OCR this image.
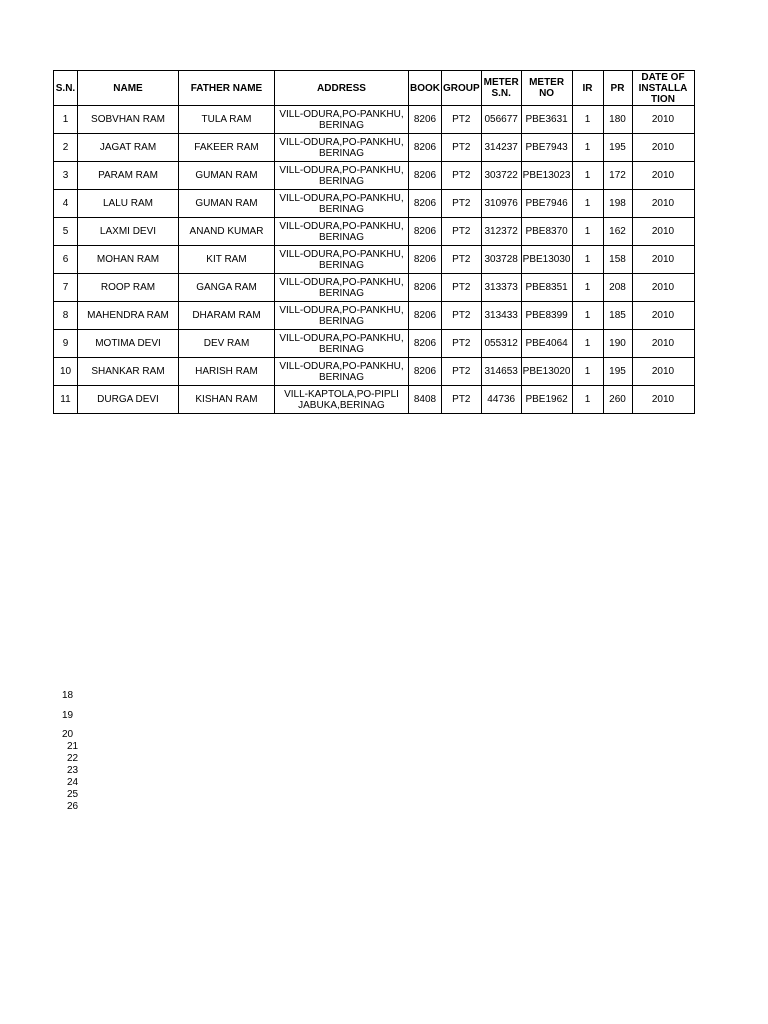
S.N.	NAME	FATHER NAME	ADDRESS	BOOK	GROUP	METER S.N.	METER NO	IR	PR	DATE OF INSTALLA TION
1	SOBVHAN RAM	TULA RAM	VILL-ODURA,PO-PANKHU, BERINAG	8206	PT2	056677	PBE3631	1	180	2010
2	JAGAT RAM	FAKEER RAM	VILL-ODURA,PO-PANKHU, BERINAG	8206	PT2	314237	PBE7943	1	195	2010
3	PARAM RAM	GUMAN RAM	VILL-ODURA,PO-PANKHU, BERINAG	8206	PT2	303722	PBE13023	1	172	2010
4	LALU RAM	GUMAN RAM	VILL-ODURA,PO-PANKHU, BERINAG	8206	PT2	310976	PBE7946	1	198	2010
5	LAXMI DEVI	ANAND KUMAR	VILL-ODURA,PO-PANKHU, BERINAG	8206	PT2	312372	PBE8370	1	162	2010
6	MOHAN RAM	KIT RAM	VILL-ODURA,PO-PANKHU, BERINAG	8206	PT2	303728	PBE13030	1	158	2010
7	ROOP RAM	GANGA RAM	VILL-ODURA,PO-PANKHU, BERINAG	8206	PT2	313373	PBE8351	1	208	2010
8	MAHENDRA RAM	DHARAM RAM	VILL-ODURA,PO-PANKHU, BERINAG	8206	PT2	313433	PBE8399	1	185	2010
9	MOTIMA DEVI	DEV RAM	VILL-ODURA,PO-PANKHU, BERINAG	8206	PT2	055312	PBE4064	1	190	2010
10	SHANKAR RAM	HARISH RAM	VILL-ODURA,PO-PANKHU, BERINAG	8206	PT2	314653	PBE13020	1	195	2010
11	DURGA DEVI	KISHAN RAM	VILL-KAPTOLA,PO-PIPLI JABUKA,BERINAG	8408	PT2	44736	PBE1962	1	260	2010
18
19
20
21
22
23
24
25
26
